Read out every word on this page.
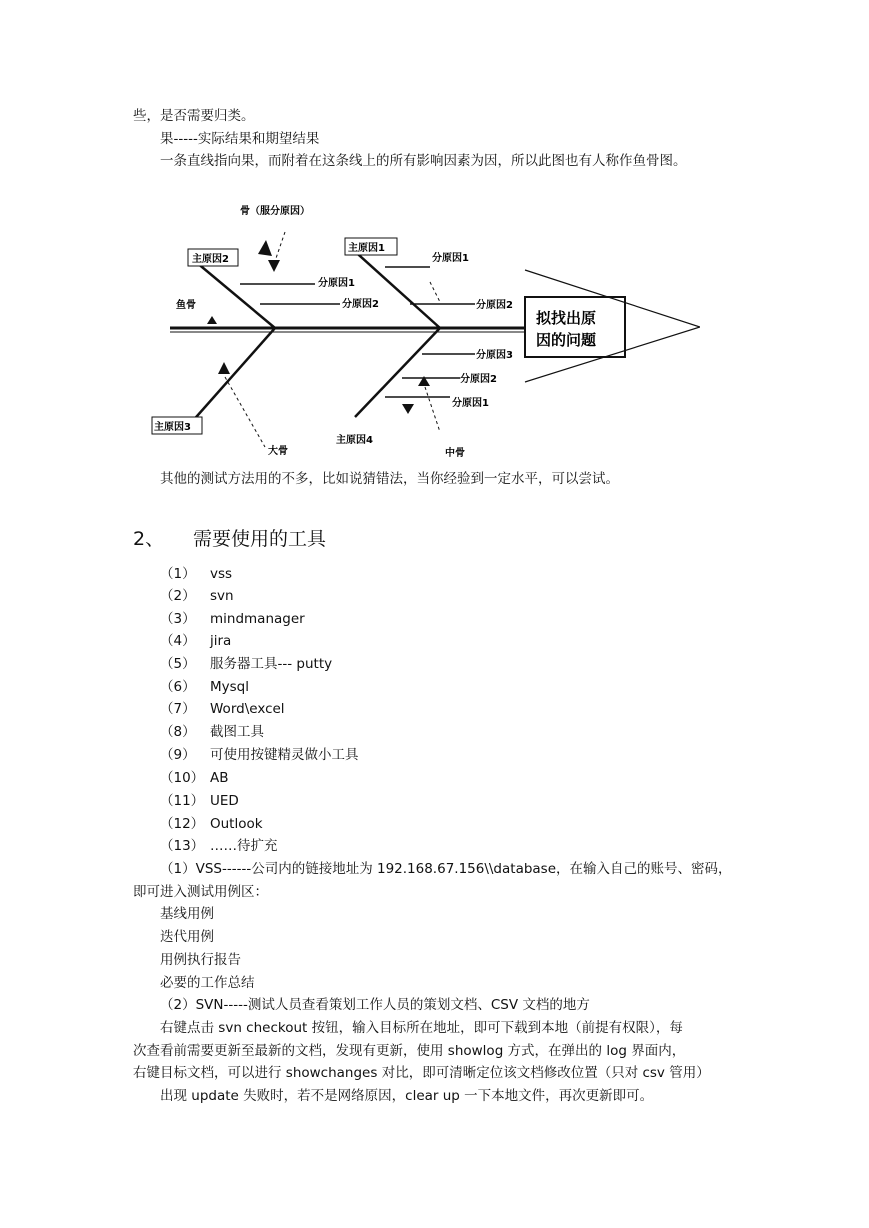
些，是否需要归类。
果-----实际结果和期望结果
一条直线指向果，而附着在这条线上的所有影响因素为因，所以此图也有人称作鱼骨图。
骨（服分原因）
主原因2
主原因1
主原因3
主原因4
鱼骨
分原因1
分原因2
分原因1
分原因2
分原因3
分原因2
分原因1
大骨	中骨
拟找出原
因的问题
其他的测试方法用的不多，比如说猜错法，当你经验到一定水平，可以尝试。
2、 需要使用的工具
（1） vss
（2） svn
（3） mindmanager
（4） jira
（5） 服务器工具--- putty
（6） Mysql
（7） Word\excel
（8） 截图工具
（9） 可使用按键精灵做小工具
（10） AB
（11） UED
（12） Outlook
（13） ……待扩充
（1）VSS------公司内的链接地址为 192.168.67.156\\database，在输入自己的账号、密码，
即可进入测试用例区：
基线用例
迭代用例
用例执行报告
必要的工作总结
（2）SVN-----测试人员查看策划工作人员的策划文档、CSV 文档的地方
右键点击 svn checkout 按钮，输入目标所在地址，即可下载到本地（前提有权限），每
次查看前需要更新至最新的文档，发现有更新，使用 showlog 方式，在弹出的 log 界面内，
右键目标文档，可以进行 showchanges 对比，即可清晰定位该文档修改位置（只对 csv 管用）
出现 update 失败时，若不是网络原因，clear up 一下本地文件，再次更新即可。
